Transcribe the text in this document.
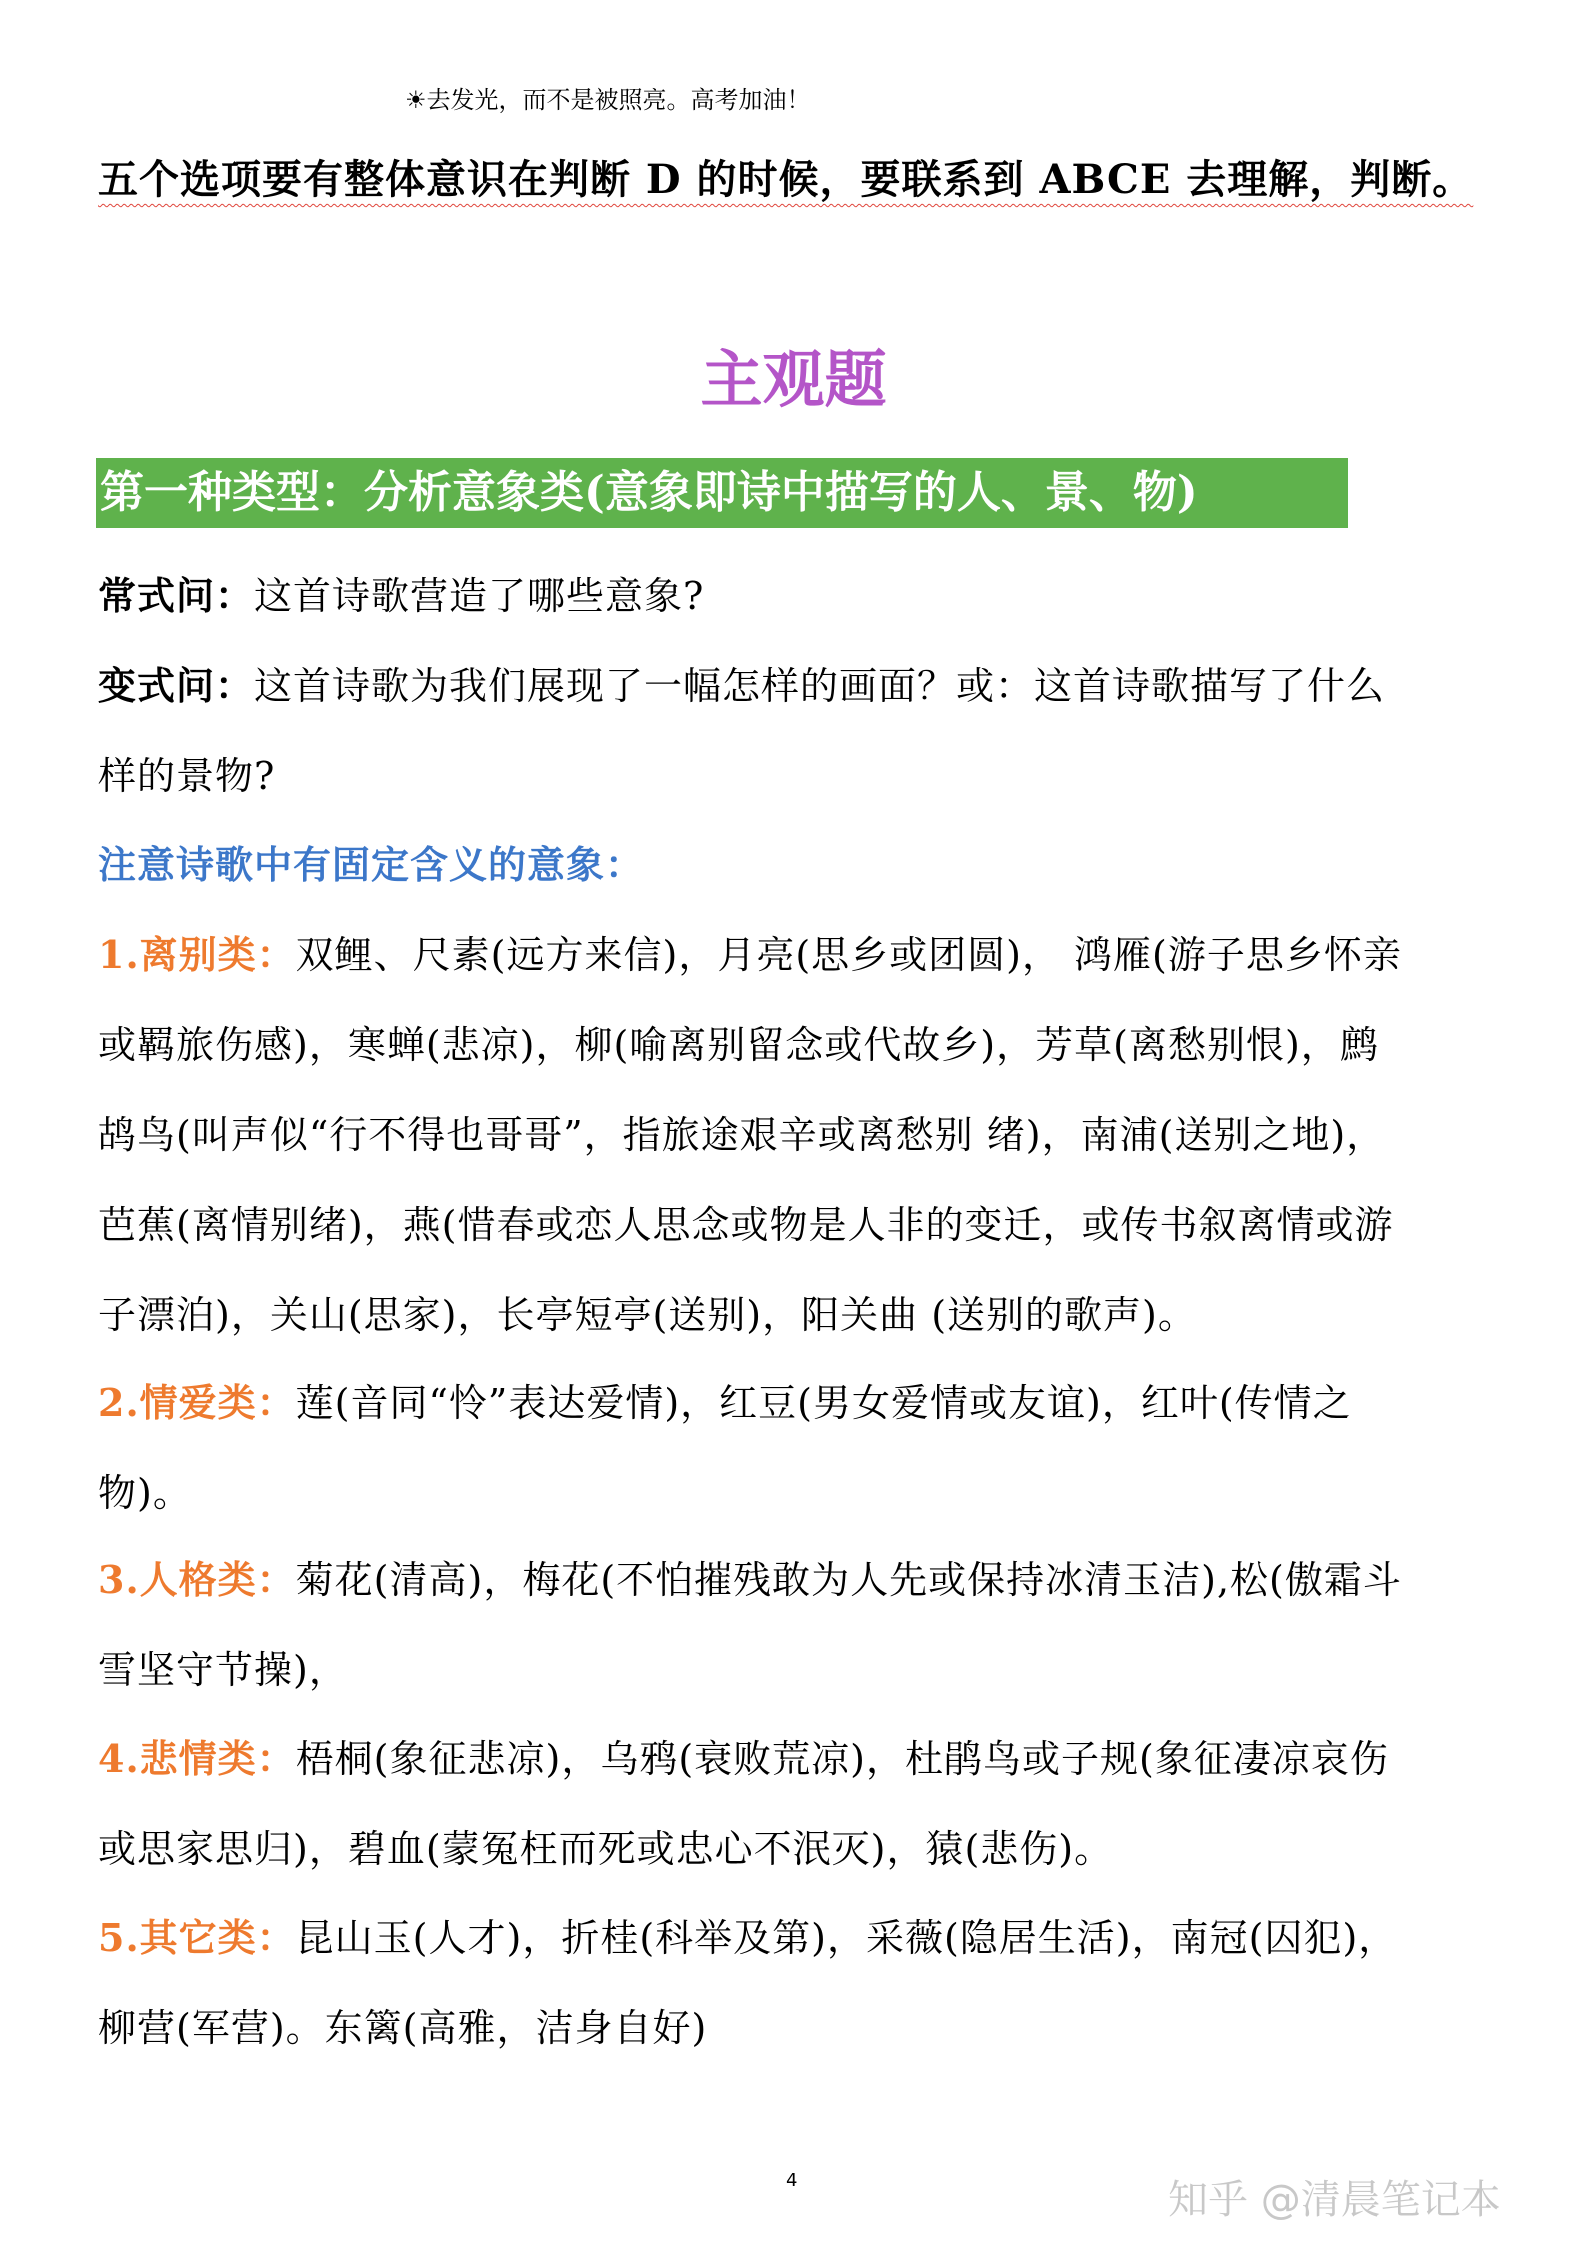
☀去发光，而不是被照亮。高考加油！
五个选项要有整体意识在判断 D 的时候，要联系到 ABCE 去理解，判断。
主观题
第一种类型：分析意象类(意象即诗中描写的人、景、物)
常式问：这首诗歌营造了哪些意象?
变式问：这首诗歌为我们展现了一幅怎样的画面？或：这首诗歌描写了什么
样的景物?
注意诗歌中有固定含义的意象：
1.离别类：双鲤、尺素(远方来信)，月亮(思乡或团圆)， 鸿雁(游子思乡怀亲
或羁旅伤感)，寒蝉(悲凉)，柳(喻离别留念或代故乡)，芳草(离愁别恨)，鹧
鸪鸟(叫声似“行不得也哥哥”，指旅途艰辛或离愁别 绪)，南浦(送别之地)，
芭蕉(离情别绪)，燕(惜春或恋人思念或物是人非的变迁，或传书叙离情或游
子漂泊)，关山(思家)，长亭短亭(送别)，阳关曲 (送别的歌声)。
2.情爱类：莲(音同“怜”表达爱情)，红豆(男女爱情或友谊)，红叶(传情之
物)。
3.人格类：菊花(清高)，梅花(不怕摧残敢为人先或保持冰清玉洁),松(傲霜斗
雪坚守节操)，
4.悲情类：梧桐(象征悲凉)，乌鸦(衰败荒凉)，杜鹃鸟或子规(象征凄凉哀伤
或思家思归)，碧血(蒙冤枉而死或忠心不泯灭)，猿(悲伤)。
5.其它类：昆山玉(人才)，折桂(科举及第)，采薇(隐居生活)，南冠(囚犯)，
柳营(军营)。东篱(高雅，洁身自好)
4	知乎 @清晨笔记本
